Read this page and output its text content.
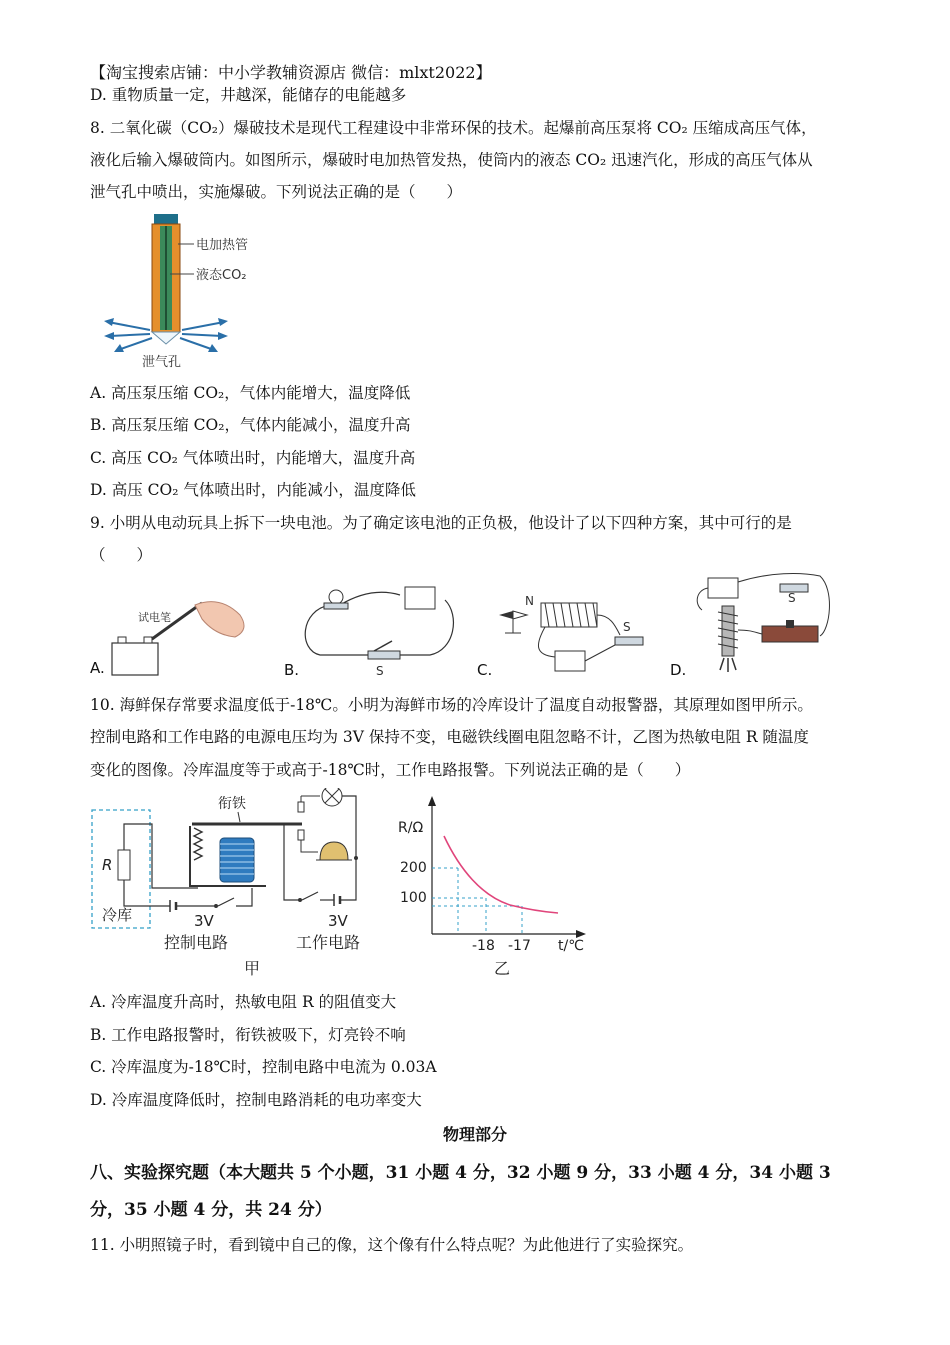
【淘宝搜索店铺：中小学教辅资源店 微信：mlxt2022】
D. 重物质量一定，井越深，能储存的电能越多
8. 二氧化碳（CO₂）爆破技术是现代工程建设中非常环保的技术。起爆前高压泵将 CO₂ 压缩成高压气体，
液化后输入爆破筒内。如图所示，爆破时电加热管发热，使筒内的液态 CO₂ 迅速汽化，形成的高压气体从
泄气孔中喷出，实施爆破。下列说法正确的是（　　）
电加热管
液态CO₂
泄气孔
A. 高压泵压缩 CO₂，气体内能增大，温度降低
B. 高压泵压缩 CO₂，气体内能减小，温度升高
C. 高压 CO₂ 气体喷出时，内能增大，温度升高
D. 高压 CO₂ 气体喷出时，内能减小，温度降低
9. 小明从电动玩具上拆下一块电池。为了确定该电池的正负极，他设计了以下四种方案，其中可行的是
（　　）
A.
试电笔
B.	S	C.
N
S
D.
S
10. 海鲜保存常要求温度低于-18℃。小明为海鲜市场的冷库设计了温度自动报警器，其原理如图甲所示。
控制电路和工作电路的电源电压均为 3V 保持不变，电磁铁线圈电阻忽略不计，乙图为热敏电阻 R 随温度
变化的图像。冷库温度等于或高于-18℃时，工作电路报警。下列说法正确的是（　　）
R
冷库
衔铁
3V	3V
控制电路	工作电路
甲
R/Ω
t/℃
200
100
-18 -17
乙
A. 冷库温度升高时，热敏电阻 R 的阻值变大
B. 工作电路报警时，衔铁被吸下，灯亮铃不响
C. 冷库温度为-18℃时，控制电路中电流为 0.03A
D. 冷库温度降低时，控制电路消耗的电功率变大
物理部分
八、实验探究题（本大题共 5 个小题，31 小题 4 分，32 小题 9 分，33 小题 4 分，34 小题 3
分，35 小题 4 分，共 24 分）
11. 小明照镜子时，看到镜中自己的像，这个像有什么特点呢？为此他进行了实验探究。
